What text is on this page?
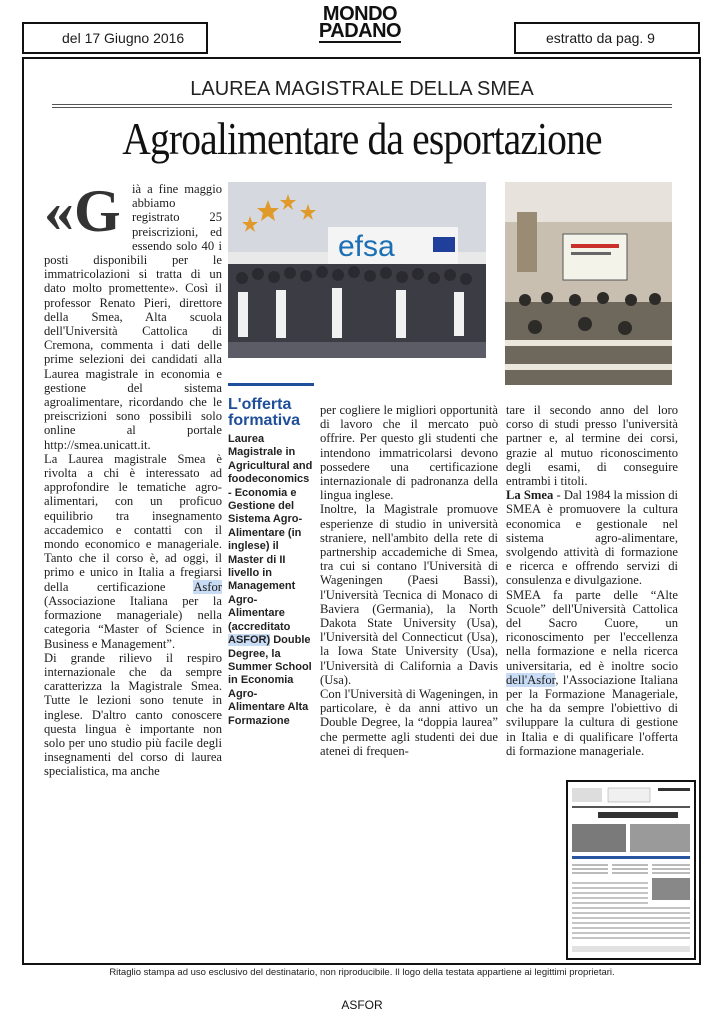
del 17 Giugno 2016
MONDO
PADANO	estratto da pag. 9
LAUREA MAGISTRALE DELLA SMEA
Agroalimentare da esportazione
«G ià a fine maggio abbiamo registrato 25 preiscrizioni, ed essendo solo 40 i posti disponibili per le immatricolazioni si tratta di un dato molto promettente». Così il professor Renato Pieri, direttore della Smea, Alta scuola dell'Università Cattolica di Cremona, commenta i dati delle prime selezioni dei candidati alla Laurea magistrale in economia e gestione del sistema agroalimentare, ricordando che le preiscrizioni sono possibili solo online al portale http://smea.unicatt.it.

La Laurea magistrale Smea è rivolta a chi è interessato ad approfondire le tematiche agro-alimentari, con un proficuo equilibrio tra insegnamento accademico e contatti con il mondo economico e manageriale. Tanto che il corso è, ad oggi, il primo e unico in Italia a fregiarsi della certificazione Asfor (Associazione Italiana per la formazione manageriale) nella categoria “Master of Science in Business e Management”.

Di grande rilievo il respiro internazionale che da sempre caratterizza la Magistrale Smea. Tutte le lezioni sono tenute in inglese. D'altro canto conoscere questa lingua è importante non solo per uno studio più facile degli insegnamenti del corso di laurea specialistica, ma anche

efsa
L'offerta formativa
Laurea Magistrale in Agricultural and foodeconomics - Economia e Gestione del Sistema Agro-Alimentare (in inglese) il Master di II livello in Management Agro-Alimentare (accreditato ASFOR) Double Degree, la Summer School in Economia Agro-Alimentare Alta Formazione

per cogliere le migliori opportunità di lavoro che il mercato può offrire. Per questo gli studenti che intendono immatricolarsi devono possedere una certificazione internazionale di padronanza della lingua inglese.

Inoltre, la Magistrale promuove esperienze di studio in università straniere, nell'ambito della rete di partnership accademiche di Smea, tra cui si contano l'Università di Wageningen (Paesi Bassi), l'Università Tecnica di Monaco di Baviera (Germania), la North Dakota State University (Usa), l'Università del Connecticut (Usa), la Iowa State University (Usa), l'Università di California a Davis (Usa).

Con l'Università di Wageningen, in particolare, è da anni attivo un Double Degree, la “doppia laurea” che permette agli studenti dei due atenei di frequen-

tare il secondo anno del loro corso di studi presso l'università partner e, al termine dei corsi, grazie al mutuo riconoscimento degli esami, di conseguire entrambi i titoli.

La Smea - Dal 1984 la mission di SMEA è promuovere la cultura economica e gestionale nel sistema agro-alimentare, svolgendo attività di formazione e ricerca e offrendo servizi di consulenza e divulgazione.

SMEA fa parte delle “Alte Scuole” dell'Università Cattolica del Sacro Cuore, un riconoscimento per l'eccellenza nella formazione e nella ricerca universitaria, ed è inoltre socio dell'Asfor, l'Associazione Italiana per la Formazione Manageriale, che ha da sempre l'obiettivo di sviluppare la cultura di gestione in Italia e di qualificare l'offerta di formazione manageriale.

Ritaglio stampa ad uso esclusivo del destinatario, non riproducibile. Il logo della testata appartiene ai legittimi proprietari.
ASFOR
